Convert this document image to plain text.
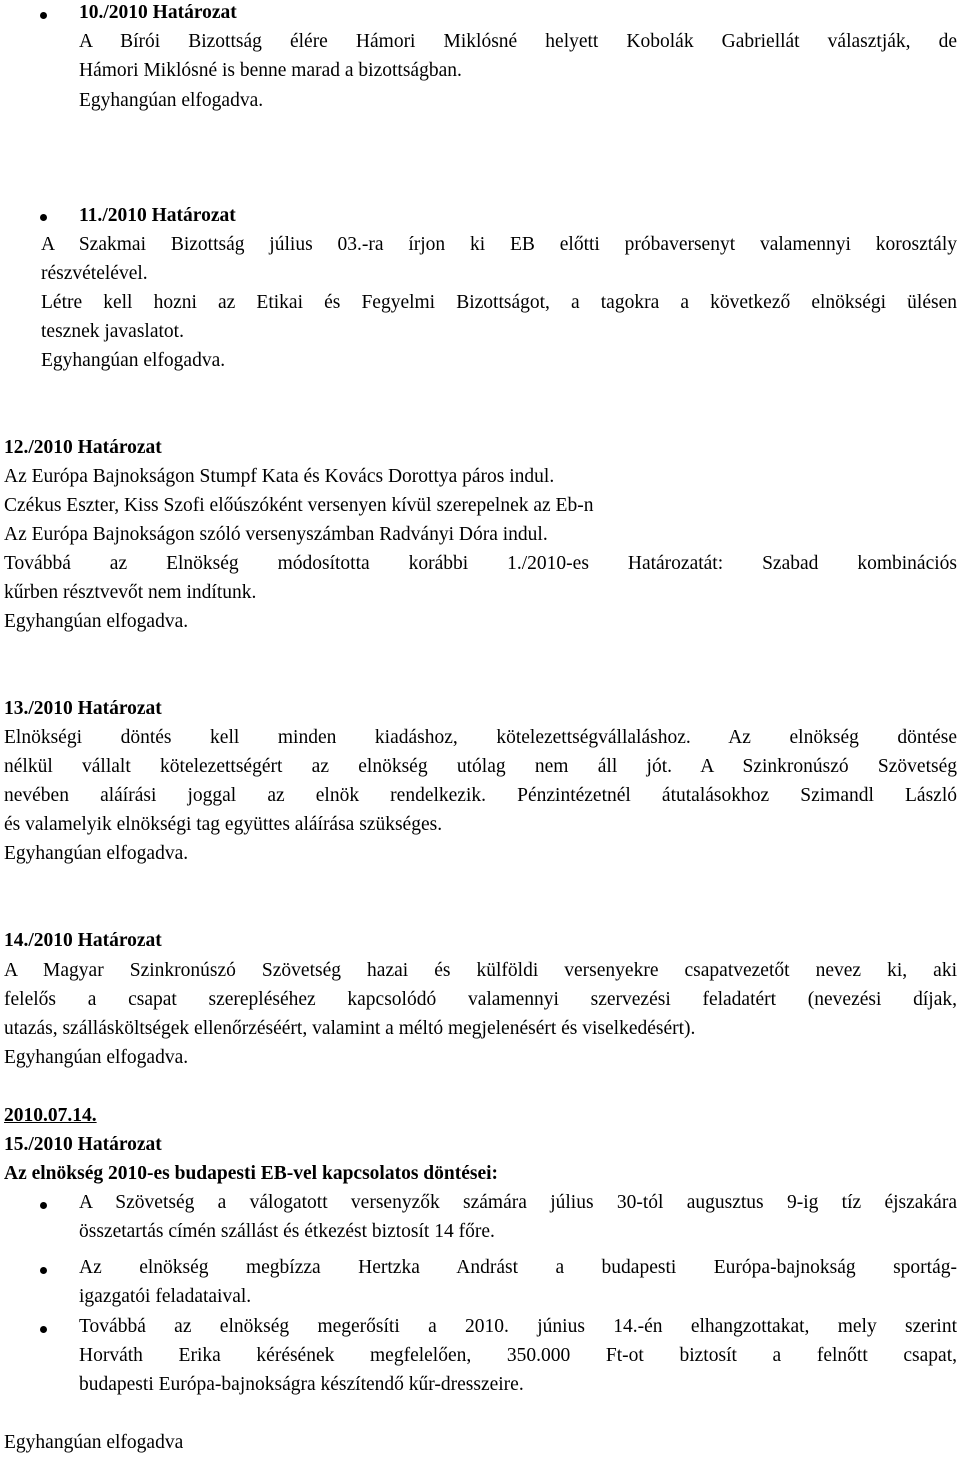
10./2010 Határozat

A Bírói Bizottság élére Hámori Miklósné helyett Kobolák Gabriellát választják, de

Hámori Miklósné is benne marad a bizottságban.

Egyhangúan elfogadva.

11./2010 Határozat

A Szakmai Bizottság július 03.-ra írjon ki EB előtti próbaversenyt valamennyi korosztály

részvételével.

Létre kell hozni az Etikai és Fegyelmi Bizottságot, a tagokra a következő elnökségi ülésen

tesznek javaslatot.

Egyhangúan elfogadva.

12./2010 Határozat

Az Európa Bajnokságon Stumpf Kata és Kovács Dorottya páros indul.

Czékus Eszter, Kiss Szofi előúszóként versenyen kívül szerepelnek az Eb-n

Az Európa Bajnokságon szóló versenyszámban Radványi Dóra indul.

Továbbá az Elnökség módosította korábbi 1./2010-es Határozatát: Szabad kombinációs

kűrben résztvevőt nem indítunk.

Egyhangúan elfogadva.

13./2010 Határozat

Elnökségi döntés kell minden kiadáshoz, kötelezettségvállaláshoz. Az elnökség döntése

nélkül vállalt kötelezettségért az elnökség utólag nem áll jót. A Szinkronúszó Szövetség

nevében aláírási joggal az elnök rendelkezik. Pénzintézetnél átutalásokhoz Szimandl László

és valamelyik elnökségi tag együttes aláírása szükséges.

Egyhangúan elfogadva.

14./2010 Határozat

A Magyar Szinkronúszó Szövetség hazai és külföldi versenyekre csapatvezetőt nevez ki, aki

felelős a csapat szerepléséhez kapcsolódó valamennyi szervezési feladatért (nevezési díjak,

utazás, szállásköltségek ellenőrzéséért, valamint a méltó megjelenésért és viselkedésért).

Egyhangúan elfogadva.

2010.07.14.

15./2010 Határozat

Az elnökség 2010-es budapesti EB-vel kapcsolatos döntései:

A Szövetség a válogatott versenyzők számára július 30-tól augusztus 9-ig tíz éjszakára

összetartás címén szállást és étkezést biztosít 14 főre.

Az elnökség megbízza Hertzka Andrást a budapesti Európa-bajnokság sportág-

igazgatói feladataival.

Továbbá az elnökség megerősíti a 2010. június 14.-én elhangzottakat, mely szerint

Horváth Erika kérésének megfelelően, 350.000 Ft-ot biztosít a felnőtt csapat,

budapesti Európa-bajnokságra készítendő kűr-dresszeire.

Egyhangúan elfogadva
